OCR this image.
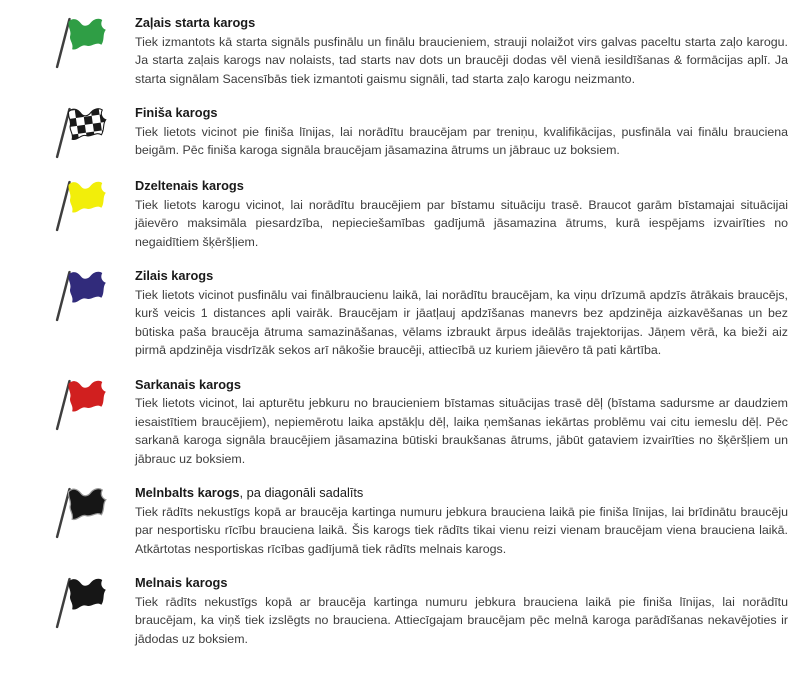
Zaļais starta karogs
Tiek izmantots kā starta signāls pusfinālu un finālu braucieniem, strauji nolaižot virs galvas paceltu starta zaļo karogu. Ja starta zaļais karogs nav nolaists, tad starts nav dots un braucēji dodas vēl vienā iesildīšanas & formācijas aplī. Ja starta signālam Sacensībās tiek izmantoti gaismu signāli, tad starta zaļo karogu neizmanto.
Finiša karogs
Tiek lietots vicinot pie finiša līnijas, lai norādītu braucējam par treniņu, kvalifikācijas, pusfināla vai finālu brauciena beigām. Pēc finiša karoga signāla braucējam jāsamazina ātrums un jābrauc uz boksiem.
Dzeltenais karogs
Tiek lietots karogu vicinot, lai norādītu braucējiem par bīstamu situāciju trasē. Braucot garām bīstamajai situācijai jāievēro maksimāla piesardzība, nepieciešamības gadījumā jāsamazina ātrums, kurā iespējams izvairīties no negaidītiem šķēršļiem.
Zilais karogs
Tiek lietots vicinot pusfinālu vai finālbraucienu laikā, lai norādītu braucējam, ka viņu drīzumā apdzīs ātrākais braucējs, kurš veicis 1 distances apli vairāk. Braucējam ir jāatļauj apdzīšanas manevrs bez apdzinēja aizkavēšanas un bez būtiska paša braucēja ātruma samazināšanas, vēlams izbraukt ārpus ideālās trajektorijas. Jāņem vērā, ka bieži aiz pirmā apdzinēja visdrīzāk sekos arī nākošie braucēji, attiecībā uz kuriem jāievēro tā pati kārtība.
Sarkanais karogs
Tiek lietots vicinot, lai apturētu jebkuru no braucieniem bīstamas situācijas trasē dēļ (bīstama sadursme ar daudziem iesaistītiem braucējiem), nepiemērotu laika apstākļu dēļ, laika ņemšanas iekārtas problēmu vai citu iemeslu dēļ. Pēc sarkanā karoga signāla braucējiem jāsamazina būtiski braukšanas ātrums, jābūt gataviem izvairīties no šķēršļiem un jābrauc uz boksiem.
Melnbalts karogs, pa diagonāli sadalīts
Tiek rādīts nekustīgs kopā ar braucēja kartinga numuru jebkura brauciena laikā pie finiša līnijas, lai brīdinātu braucēju par nesportisku rīcību brauciena laikā. Šis karogs tiek rādīts tikai vienu reizi vienam braucējam viena brauciena laikā. Atkārtotas nesportiskas rīcības gadījumā tiek rādīts melnais karogs.
Melnais karogs
Tiek rādīts nekustīgs kopā ar braucēja kartinga numuru jebkura brauciena laikā pie finiša līnijas, lai norādītu braucējam, ka viņš tiek izslēgts no brauciena. Attiecīgajam braucējam pēc melnā karoga parādīšanas nekavējoties ir jādodas uz boksiem.
